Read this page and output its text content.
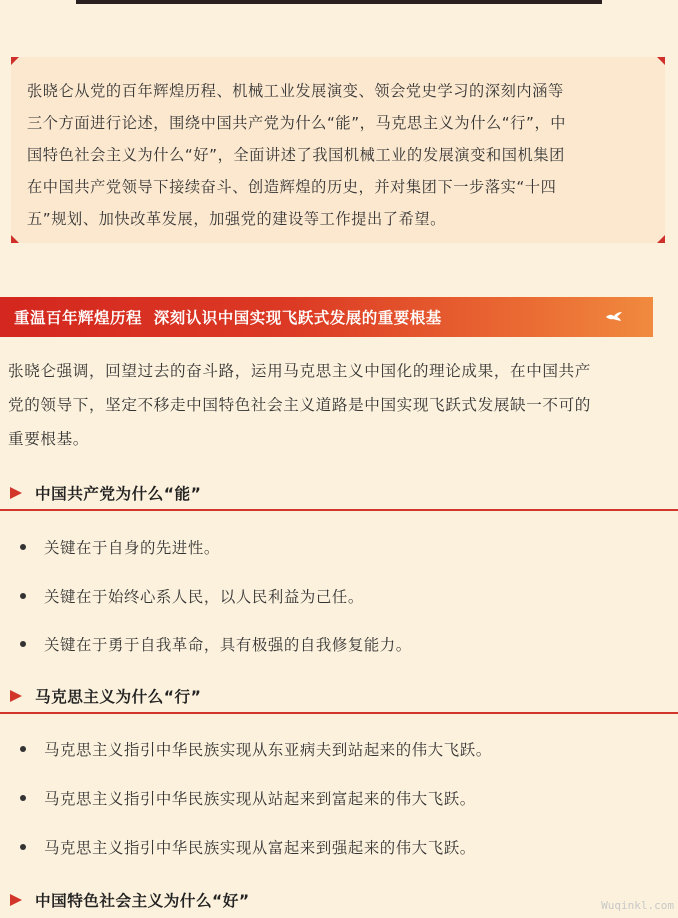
张晓仑从党的百年辉煌历程、机械工业发展演变、领会党史学习的深刻内涵等
三个方面进行论述，围绕中国共产党为什么“能”，马克思主义为什么“行”，中
国特色社会主义为什么“好”，全面讲述了我国机械工业的发展演变和国机集团
在中国共产党领导下接续奋斗、创造辉煌的历史，并对集团下一步落实“十四
五”规划、加快改革发展，加强党的建设等工作提出了希望。

重温百年辉煌历程  深刻认识中国实现飞跃式发展的重要根基

张晓仑强调，回望过去的奋斗路，运用马克思主义中国化的理论成果，在中国共产
党的领导下，坚定不移走中国特色社会主义道路是中国实现飞跃式发展缺一不可的
重要根基。

中国共产党为什么“能”
关键在于自身的先进性。
关键在于始终心系人民，以人民利益为己任。
关键在于勇于自我革命，具有极强的自我修复能力。
马克思主义为什么“行”
马克思主义指引中华民族实现从东亚病夫到站起来的伟大飞跃。
马克思主义指引中华民族实现从站起来到富起来的伟大飞跃。
马克思主义指引中华民族实现从富起来到强起来的伟大飞跃。
中国特色社会主义为什么“好”	Wuqinkl.com
